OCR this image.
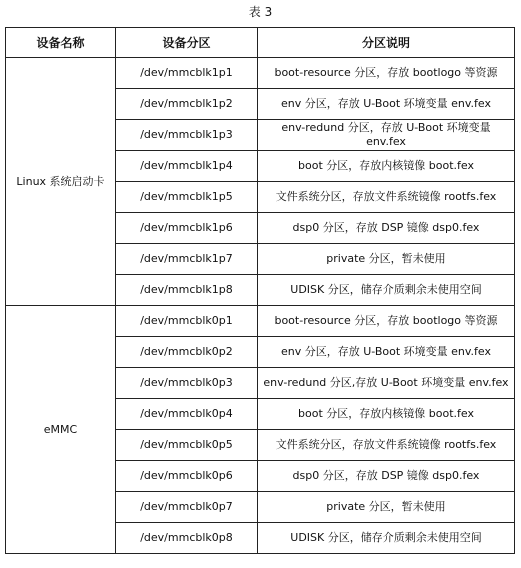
表 3
设备名称	设备分区	分区说明
Linux 系统启动卡	/dev/mmcblk1p1	boot-resource 分区，存放 bootlogo 等资源
	/dev/mmcblk1p2	env 分区，存放 U-Boot 环境变量 env.fex
	/dev/mmcblk1p3	env-redund 分区，存放 U-Boot 环境变量 env.fex
	/dev/mmcblk1p4	boot 分区，存放内核镜像 boot.fex
	/dev/mmcblk1p5	文件系统分区，存放文件系统镜像 rootfs.fex
	/dev/mmcblk1p6	dsp0 分区，存放 DSP 镜像 dsp0.fex
	/dev/mmcblk1p7	private 分区，暂未使用
	/dev/mmcblk1p8	UDISK 分区，储存介质剩余未使用空间
eMMC	/dev/mmcblk0p1	boot-resource 分区，存放 bootlogo 等资源
	/dev/mmcblk0p2	env 分区，存放 U-Boot 环境变量 env.fex
	/dev/mmcblk0p3	env-redund 分区,存放 U-Boot 环境变量 env.fex
	/dev/mmcblk0p4	boot 分区，存放内核镜像 boot.fex
	/dev/mmcblk0p5	文件系统分区，存放文件系统镜像 rootfs.fex
	/dev/mmcblk0p6	dsp0 分区，存放 DSP 镜像 dsp0.fex
	/dev/mmcblk0p7	private 分区，暂未使用
	/dev/mmcblk0p8	UDISK 分区，储存介质剩余未使用空间
